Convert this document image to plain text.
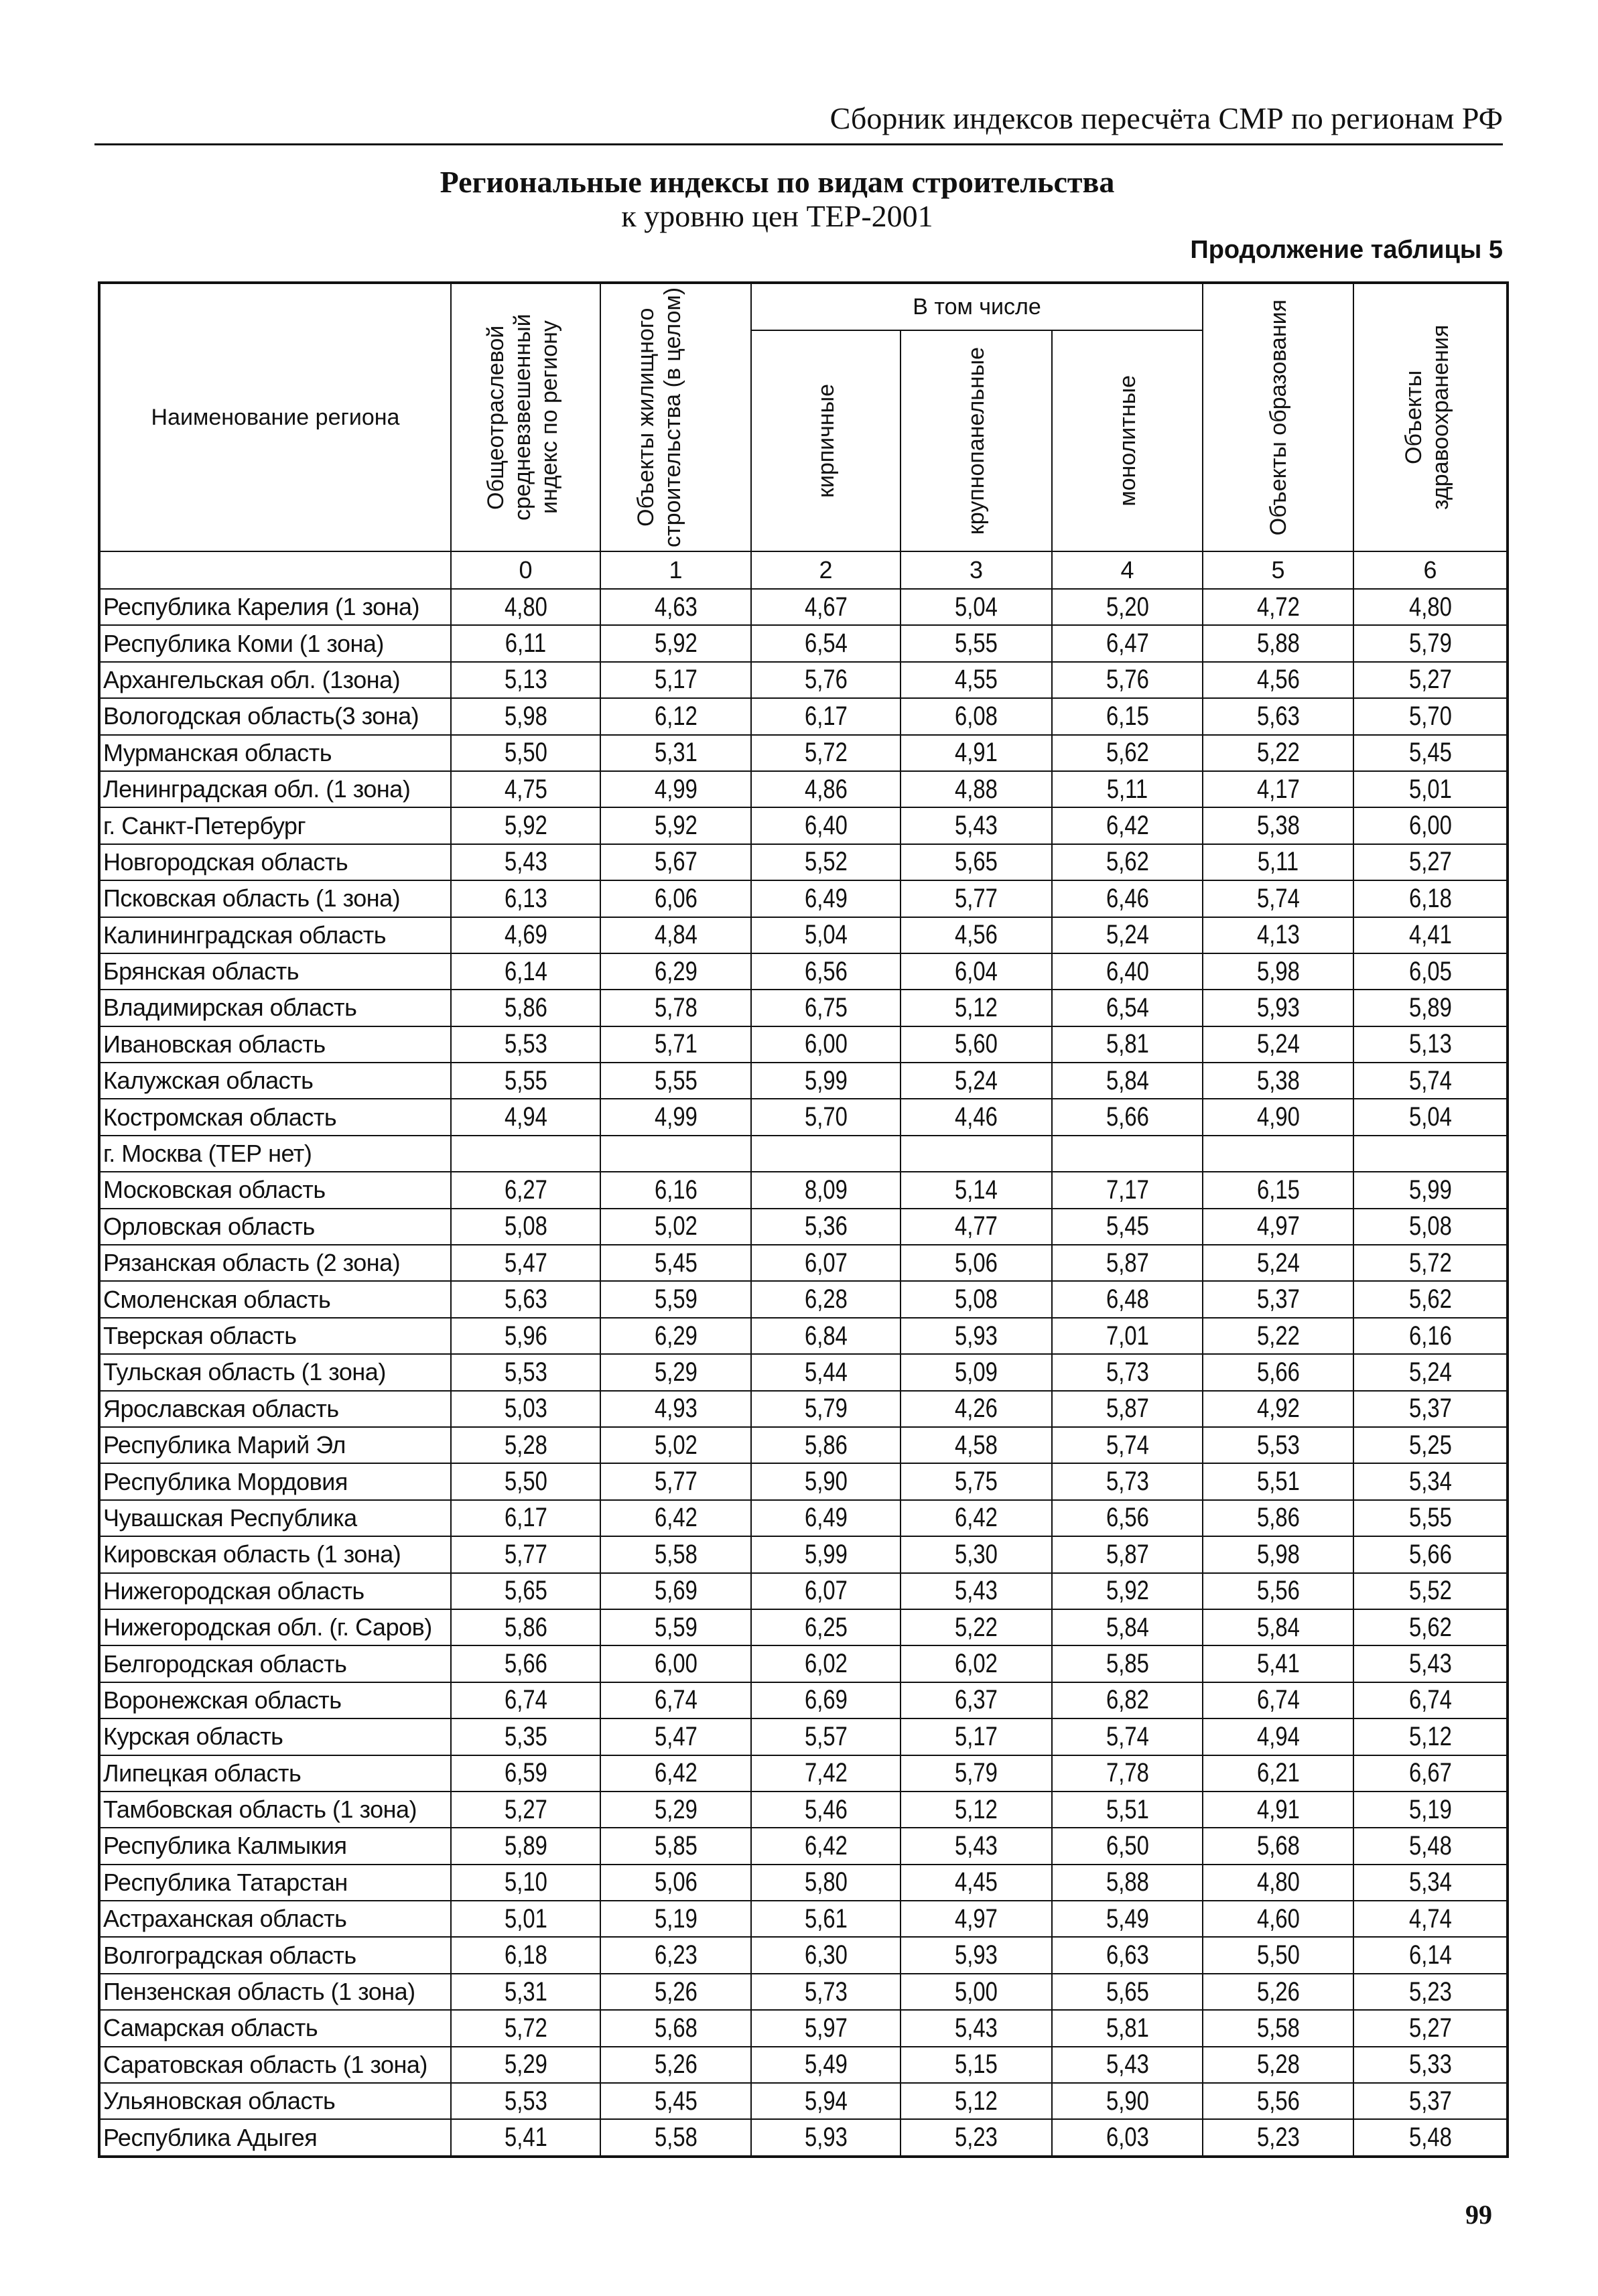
Сборник индексов пересчёта СМР по регионам РФ
Региональные индексы по видам строительства
к уровню цен ТЕР-2001
Продолжение таблицы 5
Наименование региона	Общеотраслевой средневзвешенный индекс по региону	Объекты жилищного строительства (в целом)	В том числе			Объекты образования	Объекты здравоохранения

			кирпичные	крупнопанельные	монолитные		

	0	1	2	3	4	5	6
Республика Карелия (1 зона)	4,80	4,63	4,67	5,04	5,20	4,72	4,80
Республика Коми (1 зона)	6,11	5,92	6,54	5,55	6,47	5,88	5,79
Архангельская обл. (1зона)	5,13	5,17	5,76	4,55	5,76	4,56	5,27
Вологодская область(3 зона)	5,98	6,12	6,17	6,08	6,15	5,63	5,70
Мурманская область	5,50	5,31	5,72	4,91	5,62	5,22	5,45
Ленинградская обл. (1 зона)	4,75	4,99	4,86	4,88	5,11	4,17	5,01
г. Санкт-Петербург	5,92	5,92	6,40	5,43	6,42	5,38	6,00
Новгородская область	5,43	5,67	5,52	5,65	5,62	5,11	5,27
Псковская область (1 зона)	6,13	6,06	6,49	5,77	6,46	5,74	6,18
Калининградская область	4,69	4,84	5,04	4,56	5,24	4,13	4,41
Брянская область	6,14	6,29	6,56	6,04	6,40	5,98	6,05
Владимирская область	5,86	5,78	6,75	5,12	6,54	5,93	5,89
Ивановская область	5,53	5,71	6,00	5,60	5,81	5,24	5,13
Калужская область	5,55	5,55	5,99	5,24	5,84	5,38	5,74
Костромская область	4,94	4,99	5,70	4,46	5,66	4,90	5,04
г. Москва (ТЕР нет)							
Московская область	6,27	6,16	8,09	5,14	7,17	6,15	5,99
Орловская область	5,08	5,02	5,36	4,77	5,45	4,97	5,08
Рязанская область (2 зона)	5,47	5,45	6,07	5,06	5,87	5,24	5,72
Смоленская область	5,63	5,59	6,28	5,08	6,48	5,37	5,62
Тверская область	5,96	6,29	6,84	5,93	7,01	5,22	6,16
Тульская область (1 зона)	5,53	5,29	5,44	5,09	5,73	5,66	5,24
Ярославская область	5,03	4,93	5,79	4,26	5,87	4,92	5,37
Республика Марий Эл	5,28	5,02	5,86	4,58	5,74	5,53	5,25
Республика Мордовия	5,50	5,77	5,90	5,75	5,73	5,51	5,34
Чувашская Республика	6,17	6,42	6,49	6,42	6,56	5,86	5,55
Кировская область (1 зона)	5,77	5,58	5,99	5,30	5,87	5,98	5,66
Нижегородская область	5,65	5,69	6,07	5,43	5,92	5,56	5,52
Нижегородская обл. (г. Саров)	5,86	5,59	6,25	5,22	5,84	5,84	5,62
Белгородская область	5,66	6,00	6,02	6,02	5,85	5,41	5,43
Воронежская область	6,74	6,74	6,69	6,37	6,82	6,74	6,74
Курская область	5,35	5,47	5,57	5,17	5,74	4,94	5,12
Липецкая область	6,59	6,42	7,42	5,79	7,78	6,21	6,67
Тамбовская область (1 зона)	5,27	5,29	5,46	5,12	5,51	4,91	5,19
Республика Калмыкия	5,89	5,85	6,42	5,43	6,50	5,68	5,48
Республика Татарстан	5,10	5,06	5,80	4,45	5,88	4,80	5,34
Астраханская область	5,01	5,19	5,61	4,97	5,49	4,60	4,74
Волгоградская область	6,18	6,23	6,30	5,93	6,63	5,50	6,14
Пензенская область (1 зона)	5,31	5,26	5,73	5,00	5,65	5,26	5,23
Самарская область	5,72	5,68	5,97	5,43	5,81	5,58	5,27
Саратовская область (1 зона)	5,29	5,26	5,49	5,15	5,43	5,28	5,33
Ульяновская область	5,53	5,45	5,94	5,12	5,90	5,56	5,37
Республика Адыгея	5,41	5,58	5,93	5,23	6,03	5,23	5,48
99
